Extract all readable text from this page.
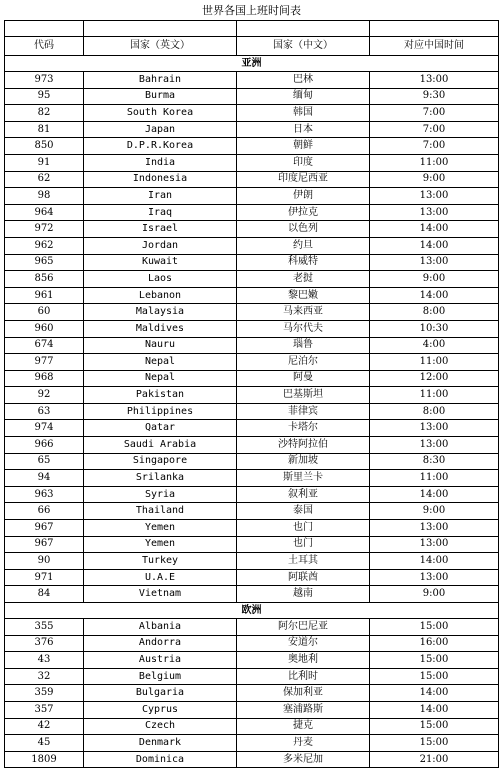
世界各国上班时间表			

代码	国家（英文）	国家（中文）	对应中国时间
亚洲			
973	Bahrain	巴林	13:00
95	Burma	缅甸	9:30
82	South Korea	韩国	7:00
81	Japan	日本	7:00
850	D.P.R.Korea	朝鲜	7:00
91	India	印度	11:00
62	Indonesia	印度尼西亚	9:00
98	Iran	伊朗	13:00
964	Iraq	伊拉克	13:00
972	Israel	以色列	14:00
962	Jordan	约旦	14:00
965	Kuwait	科威特	13:00
856	Laos	老挝	9:00
961	Lebanon	黎巴嫩	14:00
60	Malaysia	马来西亚	8:00
960	Maldives	马尔代夫	10:30
674	Nauru	瑙鲁	4:00
977	Nepal	尼泊尔	11:00
968	Nepal	阿曼	12:00
92	Pakistan	巴基斯坦	11:00
63	Philippines	菲律宾	8:00
974	Qatar	卡塔尔	13:00
966	Saudi Arabia	沙特阿拉伯	13:00
65	Singapore	新加坡	8:30
94	Srilanka	斯里兰卡	11:00
963	Syria	叙利亚	14:00
66	Thailand	泰国	9:00
967	Yemen	也门	13:00
967	Yemen	也门	13:00
90	Turkey	土耳其	14:00
971	U.A.E	阿联酋	13:00
84	Vietnam	越南	9:00
欧洲			
355	Albania	阿尔巴尼亚	15:00
376	Andorra	安道尔	16:00
43	Austria	奥地利	15:00
32	Belgium	比利时	15:00
359	Bulgaria	保加利亚	14:00
357	Cyprus	塞浦路斯	14:00
42	Czech	捷克	15:00
45	Denmark	丹麦	15:00
1809	Dominica	多米尼加	21:00
